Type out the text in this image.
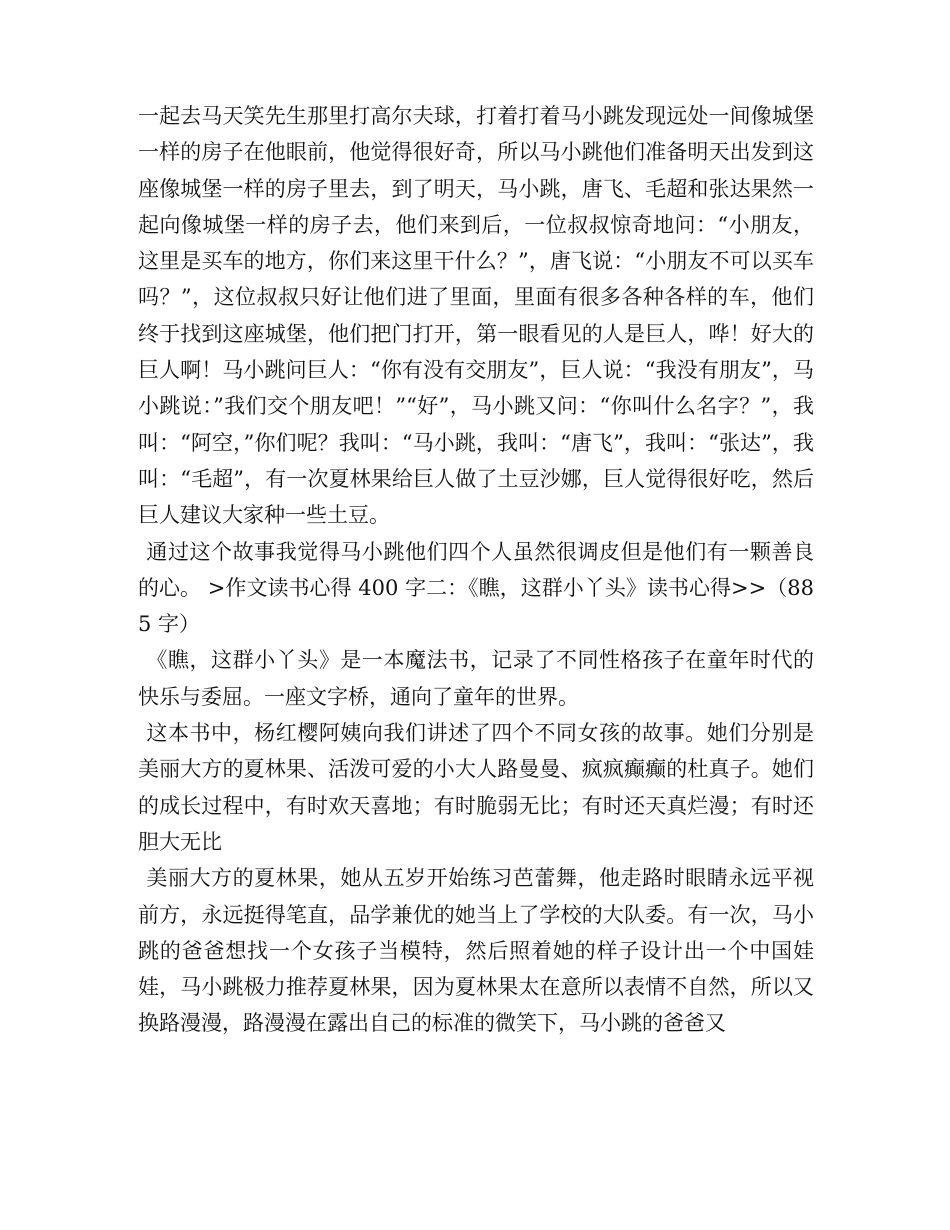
一起去马天笑先生那里打高尔夫球，打着打着马小跳发现远处一间像城堡一样的房子在他眼前，他觉得很好奇，所以马小跳他们准备明天出发到这座像城堡一样的房子里去，到了明天，马小跳，唐飞、毛超和张达果然一起向像城堡一样的房子去，他们来到后，一位叔叔惊奇地问：“小朋友，这里是买车的地方，你们来这里干什么？”，唐飞说：“小朋友不可以买车吗？”，这位叔叔只好让他们进了里面，里面有很多各种各样的车，他们终于找到这座城堡，他们把门打开，第一眼看见的人是巨人，哗！好大的巨人啊！马小跳问巨人：“你有没有交朋友”，巨人说：“我没有朋友”，马小跳说：”我们交个朋友吧！”“好”，马小跳又问：“你叫什么名字？”，我叫：“阿空，”你们呢？我叫：“马小跳，我叫：“唐飞”，我叫：“张达”，我叫：“毛超”，有一次夏林果给巨人做了土豆沙娜，巨人觉得很好吃，然后巨人建议大家种一些土豆。

通过这个故事我觉得马小跳他们四个人虽然很调皮但是他们有一颗善良的心。 >作文读书心得 400 字二：《瞧，这群小丫头》读书心得>>（885 字）

《瞧，这群小丫头》是一本魔法书，记录了不同性格孩子在童年时代的快乐与委屈。一座文字桥，通向了童年的世界。

这本书中，杨红樱阿姨向我们讲述了四个不同女孩的故事。她们分别是美丽大方的夏林果、活泼可爱的小大人路曼曼、疯疯癫癫的杜真子。她们的成长过程中，有时欢天喜地；有时脆弱无比；有时还天真烂漫；有时还胆大无比

美丽大方的夏林果，她从五岁开始练习芭蕾舞，他走路时眼睛永远平视前方，永远挺得笔直，品学兼优的她当上了学校的大队委。有一次，马小跳的爸爸想找一个女孩子当模特，然后照着她的样子设计出一个中国娃娃，马小跳极力推荐夏林果，因为夏林果太在意所以表情不自然，所以又换路漫漫，路漫漫在露出自己的标准的微笑下，马小跳的爸爸又
